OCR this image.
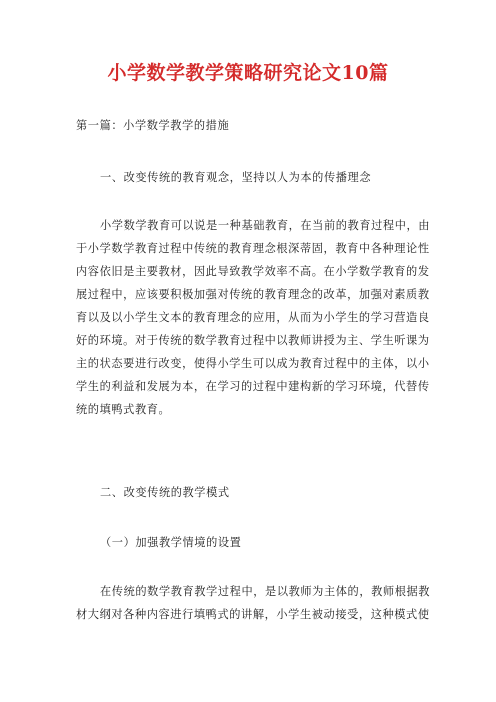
小学数学教学策略研究论文10篇
第一篇：小学数学教学的措施
一、改变传统的教育观念，坚持以人为本的传播理念
小学数学教育可以说是一种基础教育，在当前的教育过程中，由
于小学数学教育过程中传统的教育理念根深蒂固，教育中各种理论性
内容依旧是主要教材，因此导致教学效率不高。在小学数学教育的发
展过程中，应该要积极加强对传统的教育理念的改革，加强对素质教
育以及以小学生文本的教育理念的应用，从而为小学生的学习营造良
好的环境。对于传统的数学教育过程中以教师讲授为主、学生听课为
主的状态要进行改变，使得小学生可以成为教育过程中的主体，以小
学生的利益和发展为本，在学习的过程中建构新的学习环境，代替传
统的填鸭式教育。
二、改变传统的教学模式
（一）加强教学情境的设置
在传统的数学教育教学过程中，是以教师为主体的，教师根据教
材大纲对各种内容进行填鸭式的讲解，小学生被动接受，这种模式使
